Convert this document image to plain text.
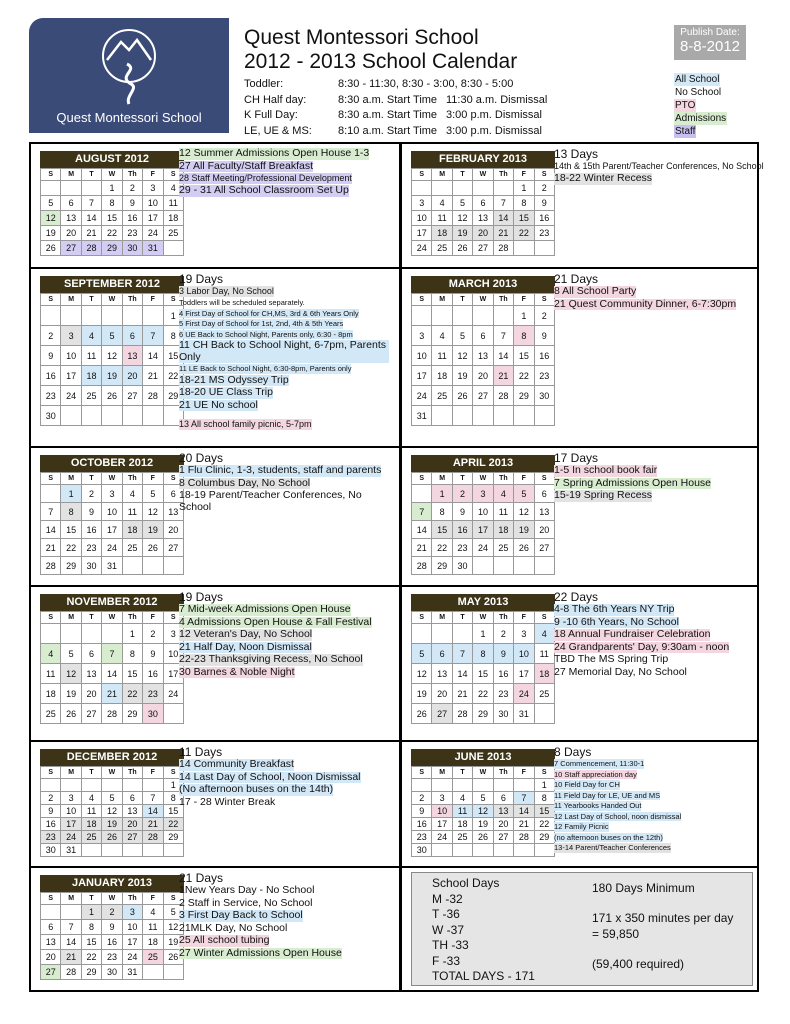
Quest Montessori School
Quest Montessori School
2012 - 2013 School Calendar
Toddler:	8:30 - 11:30, 8:30 - 3:00, 8:30 - 5:00
CH Half day:	8:30 a.m. Start Time 11:30 a.m. Dismissal
K Full Day:	8:30 a.m. Start Time 3:00 p.m. Dismissal
LE, UE & MS: 8:10 a.m. Start Time 3:00 p.m. Dismissal
Publish Date:
8-8-2012
All School
No School
PTO
Admissions
Staff
AUGUST 2012
S	M	T	W	Th	F	S
			1	2	3	4
5	6	7	8	9	10	11
12	13	14	15	16	17	18
19	20	21	22	23	24	25
26	27	28	29	30	31	
12 Summer Admissions Open House 1-3
27 All Faculty/Staff Breakfast
28 Staff Meeting/Professional Development
29 - 31 All School Classroom Set Up
FEBRUARY 2013
S	M	T	W	Th	F	S
					1	2
3	4	5	6	7	8	9
10	11	12	13	14	15	16
17	18	19	20	21	22	23
24	25	26	27	28		
13 Days
14th & 15th Parent/Teacher Conferences, No School
18-22 Winter Recess
SEPTEMBER 2012
S	M	T	W	Th	F	S
						1
2	3	4	5	6	7	8
9	10	11	12	13	14	15
16	17	18	19	20	21	22
23	24	25	26	27	28	29
30						
19 Days
3 Labor Day, No School
Toddlers will be scheduled separately.
4 First Day of School for CH,MS, 3rd & 6th Years Only
5 First Day of School for 1st, 2nd, 4th & 5th Years
6 UE Back to School Night, Parents only, 6:30 - 8pm
11 CH Back to School Night, 6-7pm, Parents Only
11 LE Back to School Night, 6:30-8pm, Parents only
18-21 MS Odyssey Trip
18-20 UE Class Trip
21 UE No school
13 All school family picnic, 5-7pm
MARCH 2013
S	M	T	W	Th	F	S
					1	2
3	4	5	6	7	8	9
10	11	12	13	14	15	16
17	18	19	20	21	22	23
24	25	26	27	28	29	30
31						
21 Days
8 All School Party
21 Quest Community Dinner, 6-7:30pm
OCTOBER 2012
S	M	T	W	Th	F	S
	1	2	3	4	5	6
7	8	9	10	11	12	13
14	15	16	17	18	19	20
21	22	23	24	25	26	27
28	29	30	31			
20 Days
1 Flu Clinic, 1-3, students, staff and parents
8 Columbus Day, No School
18-19 Parent/Teacher Conferences, No School
APRIL 2013
S	M	T	W	Th	F	S
	1	2	3	4	5	6
7	8	9	10	11	12	13
14	15	16	17	18	19	20
21	22	23	24	25	26	27
28	29	30				
17 Days
1-5 In school book fair
7 Spring Admissions Open House
15-19 Spring Recess
NOVEMBER 2012
S	M	T	W	Th	F	S
				1	2	3
4	5	6	7	8	9	10
11	12	13	14	15	16	17
18	19	20	21	22	23	24
25	26	27	28	29	30	
19 Days
7 Mid-week Admissions Open House
4 Admissions Open House & Fall Festival
12 Veteran's Day, No School
21 Half Day, Noon Dismissal
22-23 Thanksgiving Recess, No School
30 Barnes & Noble Night
MAY 2013
S	M	T	W	Th	F	S
			1	2	3	4
5	6	7	8	9	10	11
12	13	14	15	16	17	18
19	20	21	22	23	24	25
26	27	28	29	30	31	
22 Days
4-8 The 6th Years NY Trip
9 -10 6th Years, No School
18 Annual Fundraiser Celebration
24 Grandparents' Day, 9:30am - noon
TBD The MS Spring Trip
27 Memorial Day, No School
DECEMBER 2012
S	M	T	W	Th	F	S
						1
2	3	4	5	6	7	8
9	10	11	12	13	14	15
16	17	18	19	20	21	22
23	24	25	26	27	28	29
30	31					
11 Days
14 Community Breakfast
14 Last Day of School, Noon Dismissal
(No afternoon buses on the 14th)
17 - 28 Winter Break
JUNE 2013
S	M	T	W	Th	F	S
						1
2	3	4	5	6	7	8
9	10	11	12	13	14	15
16	17	18	19	20	21	22
23	24	25	26	27	28	29
30						
8 Days
7 Commencement, 11:30-1
10 Staff appreciation day
10 Field Day for CH
11 Field Day for LE, UE and MS
11 Yearbooks Handed Out
12 Last Day of School, noon dismissal
12 Family Picnic
(no afternoon buses on the 12th)
13-14 Parent/Teacher Conferences
JANUARY 2013
S	M	T	W	Th	F	S
		1	2	3	4	5
6	7	8	9	10	11	12
13	14	15	16	17	18	19
20	21	22	23	24	25	26
27	28	29	30	31		
21 Days
1New Years Day - No School
2 Staff in Service, No School
3 First Day Back to School
21MLK Day, No School
25 All school tubing
27 Winter Admissions Open House
School Days
M -32
T -36
W -37
TH -33
F -33
TOTAL DAYS - 171
180 Days Minimum
171 x 350 minutes per day
= 59,850
(59,400 required)
